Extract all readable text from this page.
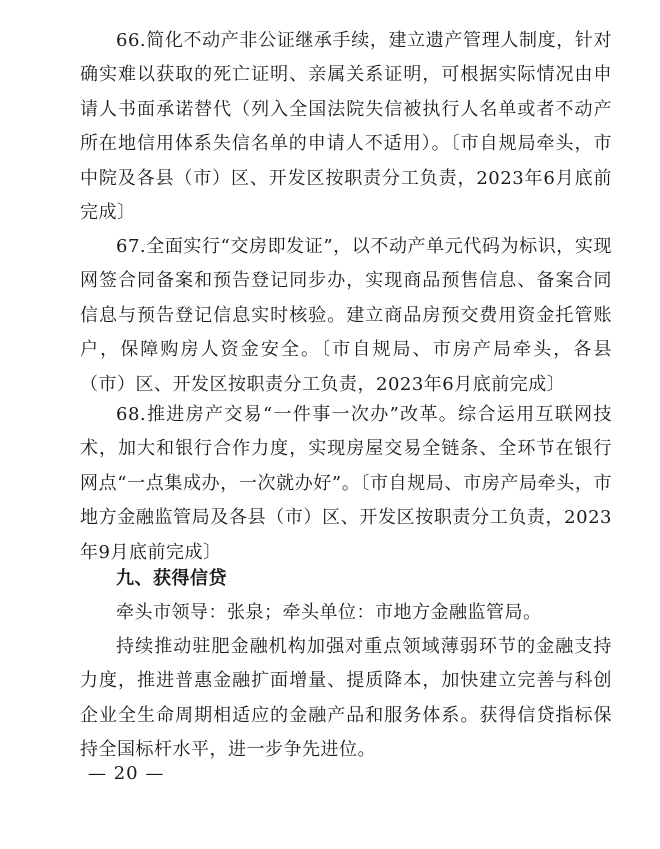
66.简化不动产非公证继承手续，建立遗产管理人制度，针对确实难以获取的死亡证明、亲属关系证明，可根据实际情况由申请人书面承诺替代（列入全国法院失信被执行人名单或者不动产所在地信用体系失信名单的申请人不适用）。〔市自规局牵头，市中院及各县（市）区、开发区按职责分工负责，2023年6月底前完成〕

67.全面实行“交房即发证”，以不动产单元代码为标识，实现网签合同备案和预告登记同步办，实现商品预售信息、备案合同信息与预告登记信息实时核验。建立商品房预交费用资金托管账户，保障购房人资金安全。〔市自规局、市房产局牵头，各县（市）区、开发区按职责分工负责，2023年6月底前完成〕

68.推进房产交易“一件事一次办”改革。综合运用互联网技术，加大和银行合作力度，实现房屋交易全链条、全环节在银行网点“一点集成办，一次就办好”。〔市自规局、市房产局牵头，市地方金融监管局及各县（市）区、开发区按职责分工负责，2023年9月底前完成〕

九、获得信贷

牵头市领导：张泉；牵头单位：市地方金融监管局。

持续推动驻肥金融机构加强对重点领域薄弱环节的金融支持力度，推进普惠金融扩面增量、提质降本，加快建立完善与科创企业全生命周期相适应的金融产品和服务体系。获得信贷指标保持全国标杆水平，进一步争先进位。

— 20 —
